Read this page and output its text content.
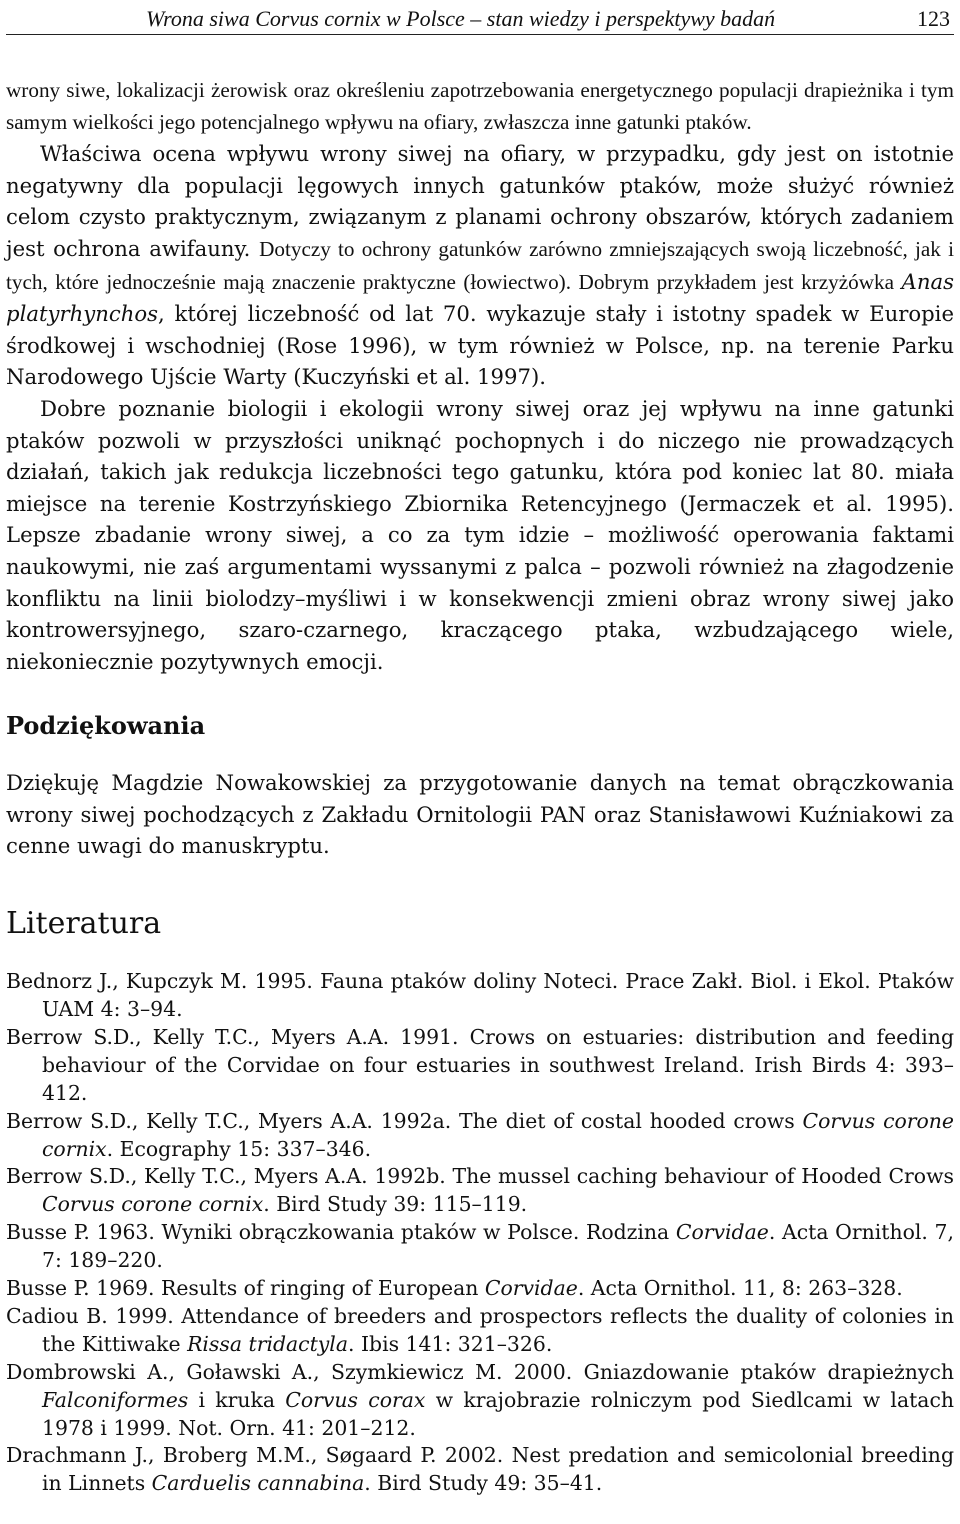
Wrona siwa Corvus cornix w Polsce – stan wiedzy i perspektywy badań	123

wrony siwe, lokalizacji żerowisk oraz określeniu zapotrzebowania energetycznego populacji drapieżnika i tym samym wielkości jego potencjalnego wpływu na ofiary, zwłaszcza inne gatunki ptaków.

Właściwa ocena wpływu wrony siwej na ofiary, w przypadku, gdy jest on istotnie negatywny dla populacji lęgowych innych gatunków ptaków, może służyć również celom czysto praktycznym, związanym z planami ochrony obszarów, których zadaniem jest ochrona awifauny. Dotyczy to ochrony gatunków zarówno zmniejszających swoją liczebność, jak i tych, które jednocześnie mają znaczenie praktyczne (łowiectwo). Dobrym przykładem jest krzyżówka Anas platyrhynchos, której liczebność od lat 70. wykazuje stały i istotny spadek w Europie środkowej i wschodniej (Rose 1996), w tym również w Polsce, np. na terenie Parku Narodowego Ujście Warty (Kuczyński et al. 1997).

Dobre poznanie biologii i ekologii wrony siwej oraz jej wpływu na inne gatunki ptaków pozwoli w przyszłości uniknąć pochopnych i do niczego nie prowadzących działań, takich jak redukcja liczebności tego gatunku, która pod koniec lat 80. miała miejsce na terenie Kostrzyńskiego Zbiornika Retencyjnego (Jermaczek et al. 1995). Lepsze zbadanie wrony siwej, a co za tym idzie – możliwość operowania faktami naukowymi, nie zaś argumentami wyssanymi z palca – pozwoli również na złagodzenie konfliktu na linii biolodzy–myśliwi i w konsekwencji zmieni obraz wrony siwej jako kontrowersyjnego, szaro-czarnego, kraczącego ptaka, wzbudzającego wiele, niekoniecznie pozytywnych emocji.

Podziękowania

Dziękuję Magdzie Nowakowskiej za przygotowanie danych na temat obrączkowania wrony siwej pochodzących z Zakładu Ornitologii PAN oraz Stanisławowi Kuźniakowi za cenne uwagi do manuskryptu.

Literatura

Bednorz J., Kupczyk M. 1995. Fauna ptaków doliny Noteci. Prace Zakł. Biol. i Ekol. Ptaków UAM 4: 3–94.

Berrow S.D., Kelly T.C., Myers A.A. 1991. Crows on estuaries: distribution and feeding behaviour of the Corvidae on four estuaries in southwest Ireland. Irish Birds 4: 393–412.

Berrow S.D., Kelly T.C., Myers A.A. 1992a. The diet of costal hooded crows Corvus corone cornix. Ecography 15: 337–346.

Berrow S.D., Kelly T.C., Myers A.A. 1992b. The mussel caching behaviour of Hooded Crows Corvus corone cornix. Bird Study 39: 115–119.

Busse P. 1963. Wyniki obrączkowania ptaków w Polsce. Rodzina Corvidae. Acta Ornithol. 7, 7: 189–220.

Busse P. 1969. Results of ringing of European Corvidae. Acta Ornithol. 11, 8: 263–328.

Cadiou B. 1999. Attendance of breeders and prospectors reflects the duality of colonies in the Kittiwake Rissa tridactyla. Ibis 141: 321–326.

Dombrowski A., Goławski A., Szymkiewicz M. 2000. Gniazdowanie ptaków drapieżnych Falconiformes i kruka Corvus corax w krajobrazie rolniczym pod Siedlcami w latach 1978 i 1999. Not. Orn. 41: 201–212.

Drachmann J., Broberg M.M., Søgaard P. 2002. Nest predation and semicolonial breeding in Linnets Carduelis cannabina. Bird Study 49: 35–41.
